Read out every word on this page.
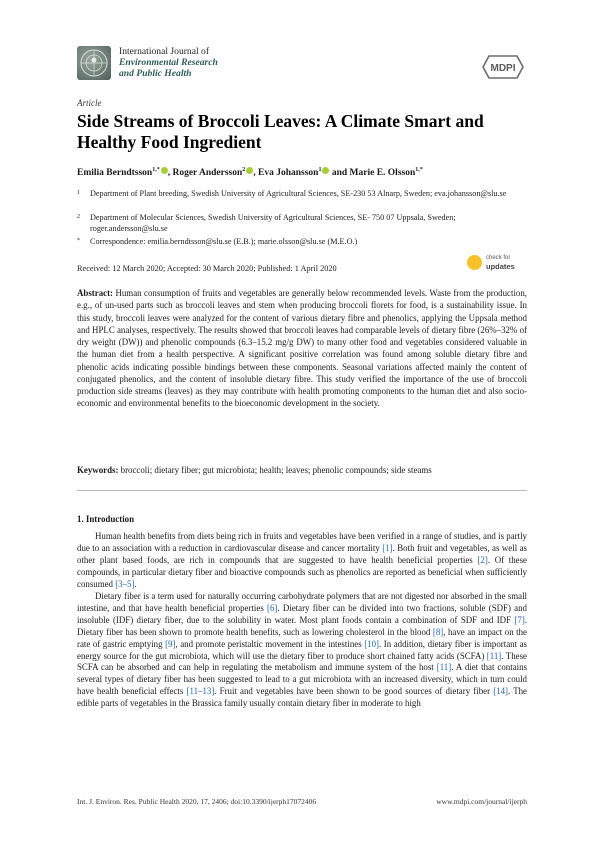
International Journal of
Environmental Research
and Public Health	MDPI
Article
Side Streams of Broccoli Leaves: A Climate Smart and Healthy Food Ingredient
Emilia Berndtsson$^{1,*}$ , Roger Andersson$^2$ , Eva Johansson$^1$ and Marie E. Olsson$^{1,*}$
1 Department of Plant breeding, Swedish University of Agricultural Sciences, SE-230 53 Alnarp, Sweden; eva.johansson@slu.se
2 Department of Molecular Sciences, Swedish University of Agricultural Sciences, SE- 750 07 Uppsala, Sweden; roger.andersson@slu.se
* Correspondence: emilia.berndtsson@slu.se (E.B.); marie.olsson@slu.se (M.E.O.)
Received: 12 March 2020; Accepted: 30 March 2020; Published: 1 April 2020
check for
updates
Abstract: Human consumption of fruits and vegetables are generally below recommended levels. Waste from the production, e.g., of un-used parts such as broccoli leaves and stem when producing broccoli florets for food, is a sustainability issue. In this study, broccoli leaves were analyzed for the content of various dietary fibre and phenolics, applying the Uppsala method and HPLC analyses, respectively. The results showed that broccoli leaves had comparable levels of dietary fibre (26%–32% of dry weight (DW)) and phenolic compounds (6.3–15.2 mg/g DW) to many other food and vegetables considered valuable in the human diet from a health perspective. A significant positive correlation was found among soluble dietary fibre and phenolic acids indicating possible bindings between these components. Seasonal variations affected mainly the content of conjugated phenolics, and the content of insoluble dietary fibre. This study verified the importance of the use of broccoli production side streams (leaves) as they may contribute with health promoting components to the human diet and also socio-economic and environmental benefits to the bioeconomic development in the society.
Keywords: broccoli; dietary fiber; gut microbiota; health; leaves; phenolic compounds; side steams
1. Introduction

Human health benefits from diets being rich in fruits and vegetables have been verified in a range of studies, and is partly due to an association with a reduction in cardiovascular disease and cancer mortality [1]. Both fruit and vegetables, as well as other plant based foods, are rich in compounds that are suggested to have health beneficial properties [2]. Of these compounds, in particular dietary fiber and bioactive compounds such as phenolics are reported as beneficial when sufficiently consumed [3–5].

Dietary fiber is a term used for naturally occurring carbohydrate polymers that are not digested nor absorbed in the small intestine, and that have health beneficial properties [6]. Dietary fiber can be divided into two fractions, soluble (SDF) and insoluble (IDF) dietary fiber, due to the solubility in water. Most plant foods contain a combination of SDF and IDF [7]. Dietary fiber has been shown to promote health benefits, such as lowering cholesterol in the blood [8], have an impact on the rate of gastric emptying [9], and promote peristaltic movement in the intestines [10]. In addition, dietary fiber is important as energy source for the gut microbiota, which will use the dietary fiber to produce short chained fatty acids (SCFA) [11]. These SCFA can be absorbed and can help in regulating the metabolism and immune system of the host [11]. A diet that contains several types of dietary fiber has been suggested to lead to a gut microbiota with an increased diversity, which in turn could have health beneficial effects [11–13]. Fruit and vegetables have been shown to be good sources of dietary fiber [14]. The edible parts of vegetables in the Brassica family usually contain dietary fiber in moderate to high

Int. J. Environ. Res. Public Health 2020, 17, 2406; doi:10.3390/ijerph17072406	www.mdpi.com/journal/ijerph
